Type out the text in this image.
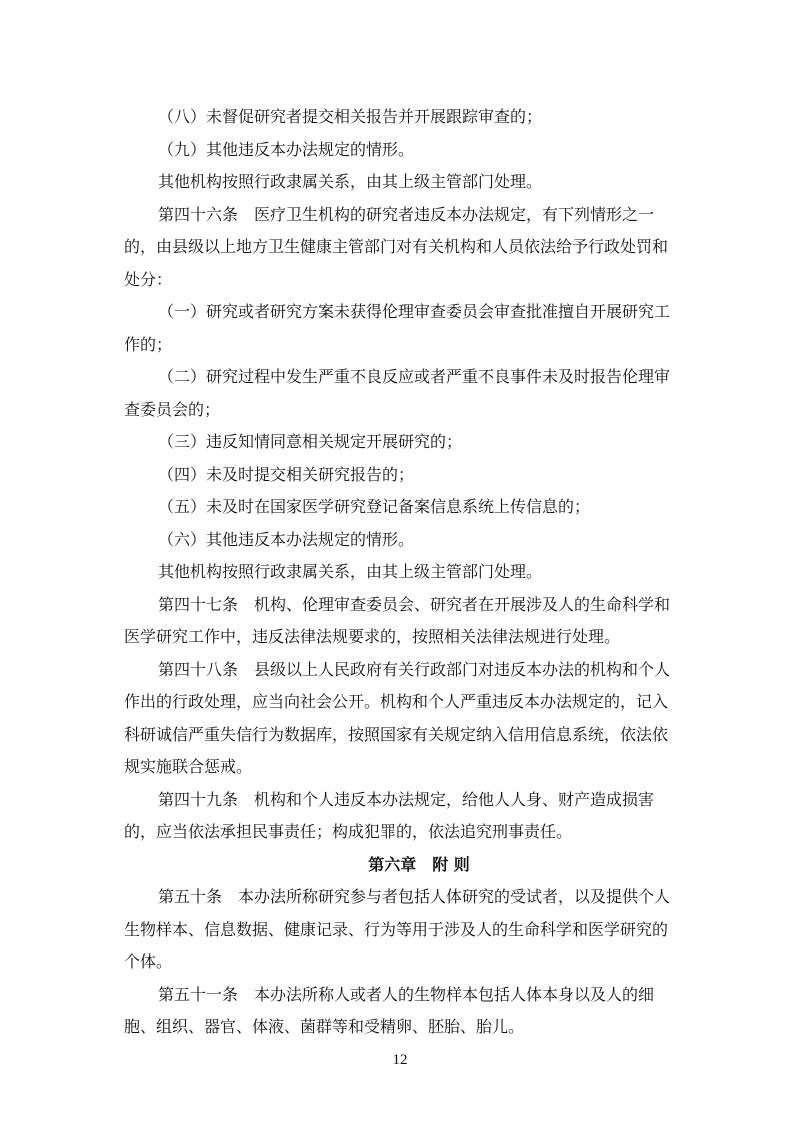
（八）未督促研究者提交相关报告并开展跟踪审查的；
（九）其他违反本办法规定的情形。
其他机构按照行政隶属关系，由其上级主管部门处理。
第四十六条　医疗卫生机构的研究者违反本办法规定，有下列情形之一
的，由县级以上地方卫生健康主管部门对有关机构和人员依法给予行政处罚和
处分：
（一）研究或者研究方案未获得伦理审查委员会审查批准擅自开展研究工
作的；
（二）研究过程中发生严重不良反应或者严重不良事件未及时报告伦理审
查委员会的；
（三）违反知情同意相关规定开展研究的；
（四）未及时提交相关研究报告的；
（五）未及时在国家医学研究登记备案信息系统上传信息的；
（六）其他违反本办法规定的情形。
其他机构按照行政隶属关系，由其上级主管部门处理。
第四十七条　机构、伦理审查委员会、研究者在开展涉及人的生命科学和
医学研究工作中，违反法律法规要求的，按照相关法律法规进行处理。
第四十八条　县级以上人民政府有关行政部门对违反本办法的机构和个人
作出的行政处理，应当向社会公开。机构和个人严重违反本办法规定的，记入
科研诚信严重失信行为数据库，按照国家有关规定纳入信用信息系统，依法依
规实施联合惩戒。
第四十九条　机构和个人违反本办法规定，给他人人身、财产造成损害
的，应当依法承担民事责任；构成犯罪的，依法追究刑事责任。
第六章　附 则
第五十条　本办法所称研究参与者包括人体研究的受试者，以及提供个人
生物样本、信息数据、健康记录、行为等用于涉及人的生命科学和医学研究的
个体。
第五十一条　本办法所称人或者人的生物样本包括人体本身以及人的细
胞、组织、器官、体液、菌群等和受精卵、胚胎、胎儿。
12
